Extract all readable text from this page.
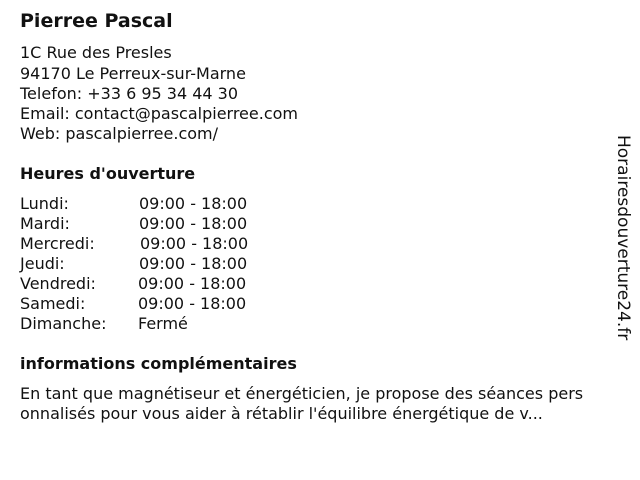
Pierree Pascal
1C Rue des Presles
94170 Le Perreux-sur-Marne
Telefon: +33 6 95 34 44 30
Email: contact@pascalpierree.com
Web: pascalpierree.com/
Heures d'ouverture
Lundi:	09:00 - 18:00
Mardi:	09:00 - 18:00
Mercredi:	09:00 - 18:00
Jeudi:	09:00 - 18:00
Vendredi:	09:00 - 18:00
Samedi:	09:00 - 18:00
Dimanche: Fermé
informations complémentaires
En tant que magnétiseur et énergéticien, je propose des séances pers
onnalisés pour vous aider à rétablir l'équilibre énergétique de v...
Horairesdouverture24.fr
